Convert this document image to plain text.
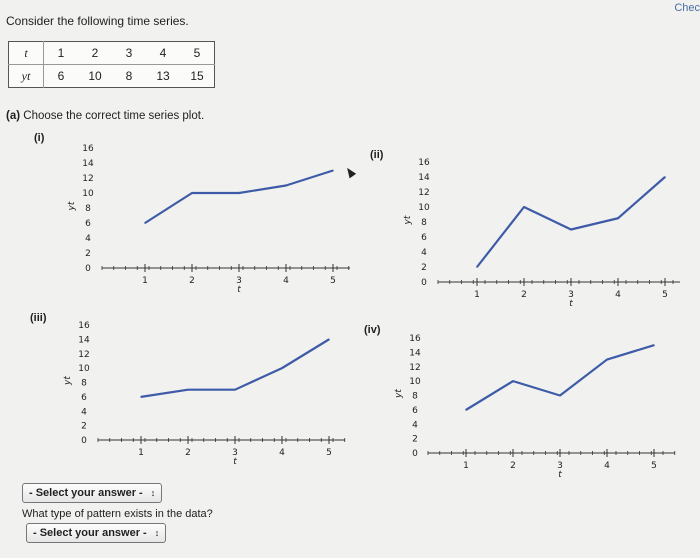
Consider the following time series.
Chec
t	1	2	3	4	5
yt	6	10	8	13	15
(a) Choose the correct time series plot.
(i)
(ii)
(iii)
(iv)
0
2
4
6
8
10
12
14
16
yt
1	2	3	4	5
t
0
2
4
6
8
10
12
14
16
yt
1	2	3	4	5
t
0
2
4
6
8
10
12
14
16
yt
1	2	3	4	5
t
0
2
4
6
8
10
12
14
16
yt
1	2	3	4	5
t
- Select your answer - ↕
What type of pattern exists in the data?
- Select your answer - ↕
